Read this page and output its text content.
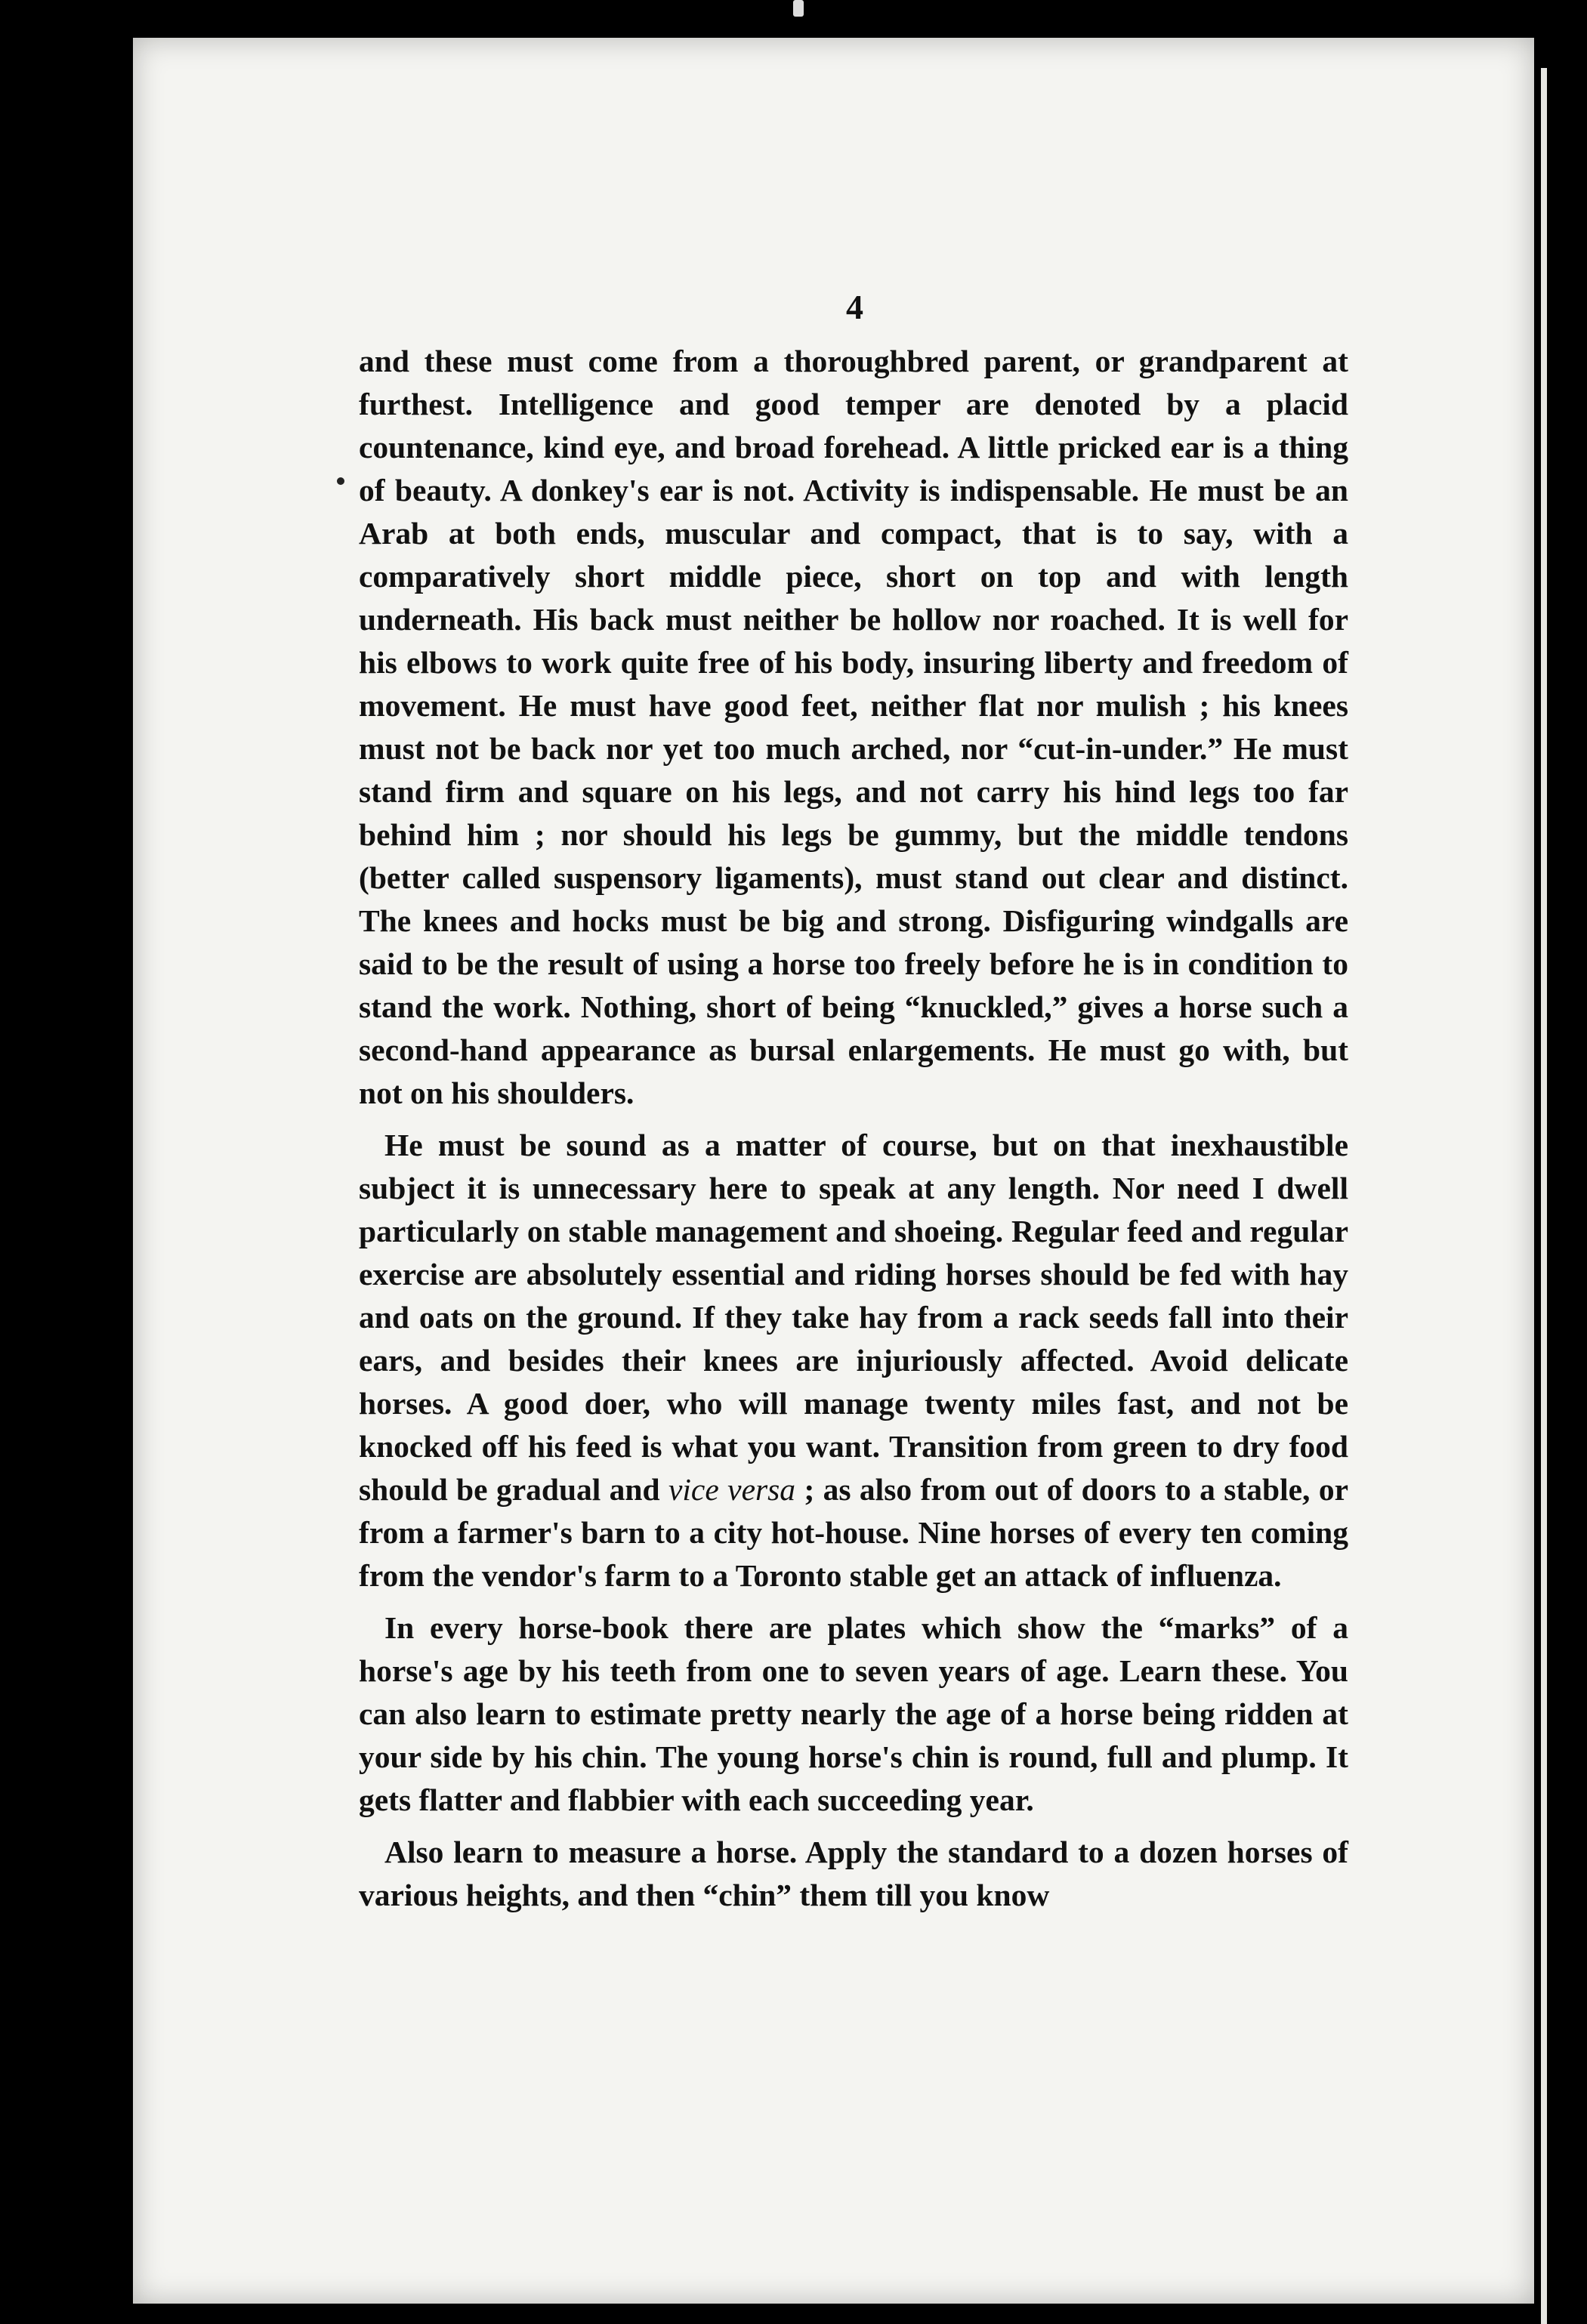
4

and these must come from a thoroughbred parent, or grandparent at furthest. Intelligence and good temper are denoted by a placid countenance, kind eye, and broad forehead. A little pricked ear is a thing of beauty. A donkey's ear is not. Activity is indispensable. He must be an Arab at both ends, muscular and compact, that is to say, with a comparatively short middle piece, short on top and with length underneath. His back must neither be hollow nor roached. It is well for his elbows to work quite free of his body, insuring liberty and freedom of movement. He must have good feet, neither flat nor mulish ; his knees must not be back nor yet too much arched, nor “cut-in-under.” He must stand firm and square on his legs, and not carry his hind legs too far behind him ; nor should his legs be gummy, but the middle tendons (better called suspensory ligaments), must stand out clear and distinct. The knees and hocks must be big and strong. Disfiguring windgalls are said to be the result of using a horse too freely before he is in condition to stand the work. Nothing, short of being “knuckled,” gives a horse such a second-hand appearance as bursal enlargements. He must go with, but not on his shoulders.

He must be sound as a matter of course, but on that inexhaustible subject it is unnecessary here to speak at any length. Nor need I dwell particularly on stable management and shoeing. Regular feed and regular exercise are absolutely essential and riding horses should be fed with hay and oats on the ground. If they take hay from a rack seeds fall into their ears, and besides their knees are injuriously affected. Avoid delicate horses. A good doer, who will manage twenty miles fast, and not be knocked off his feed is what you want. Transition from green to dry food should be gradual and vice versa ; as also from out of doors to a stable, or from a farmer's barn to a city hot-house. Nine horses of every ten coming from the vendor's farm to a Toronto stable get an attack of influenza.

In every horse-book there are plates which show the “marks” of a horse's age by his teeth from one to seven years of age. Learn these. You can also learn to estimate pretty nearly the age of a horse being ridden at your side by his chin. The young horse's chin is round, full and plump. It gets flatter and flabbier with each succeeding year.

Also learn to measure a horse. Apply the standard to a dozen horses of various heights, and then “chin” them till you know
